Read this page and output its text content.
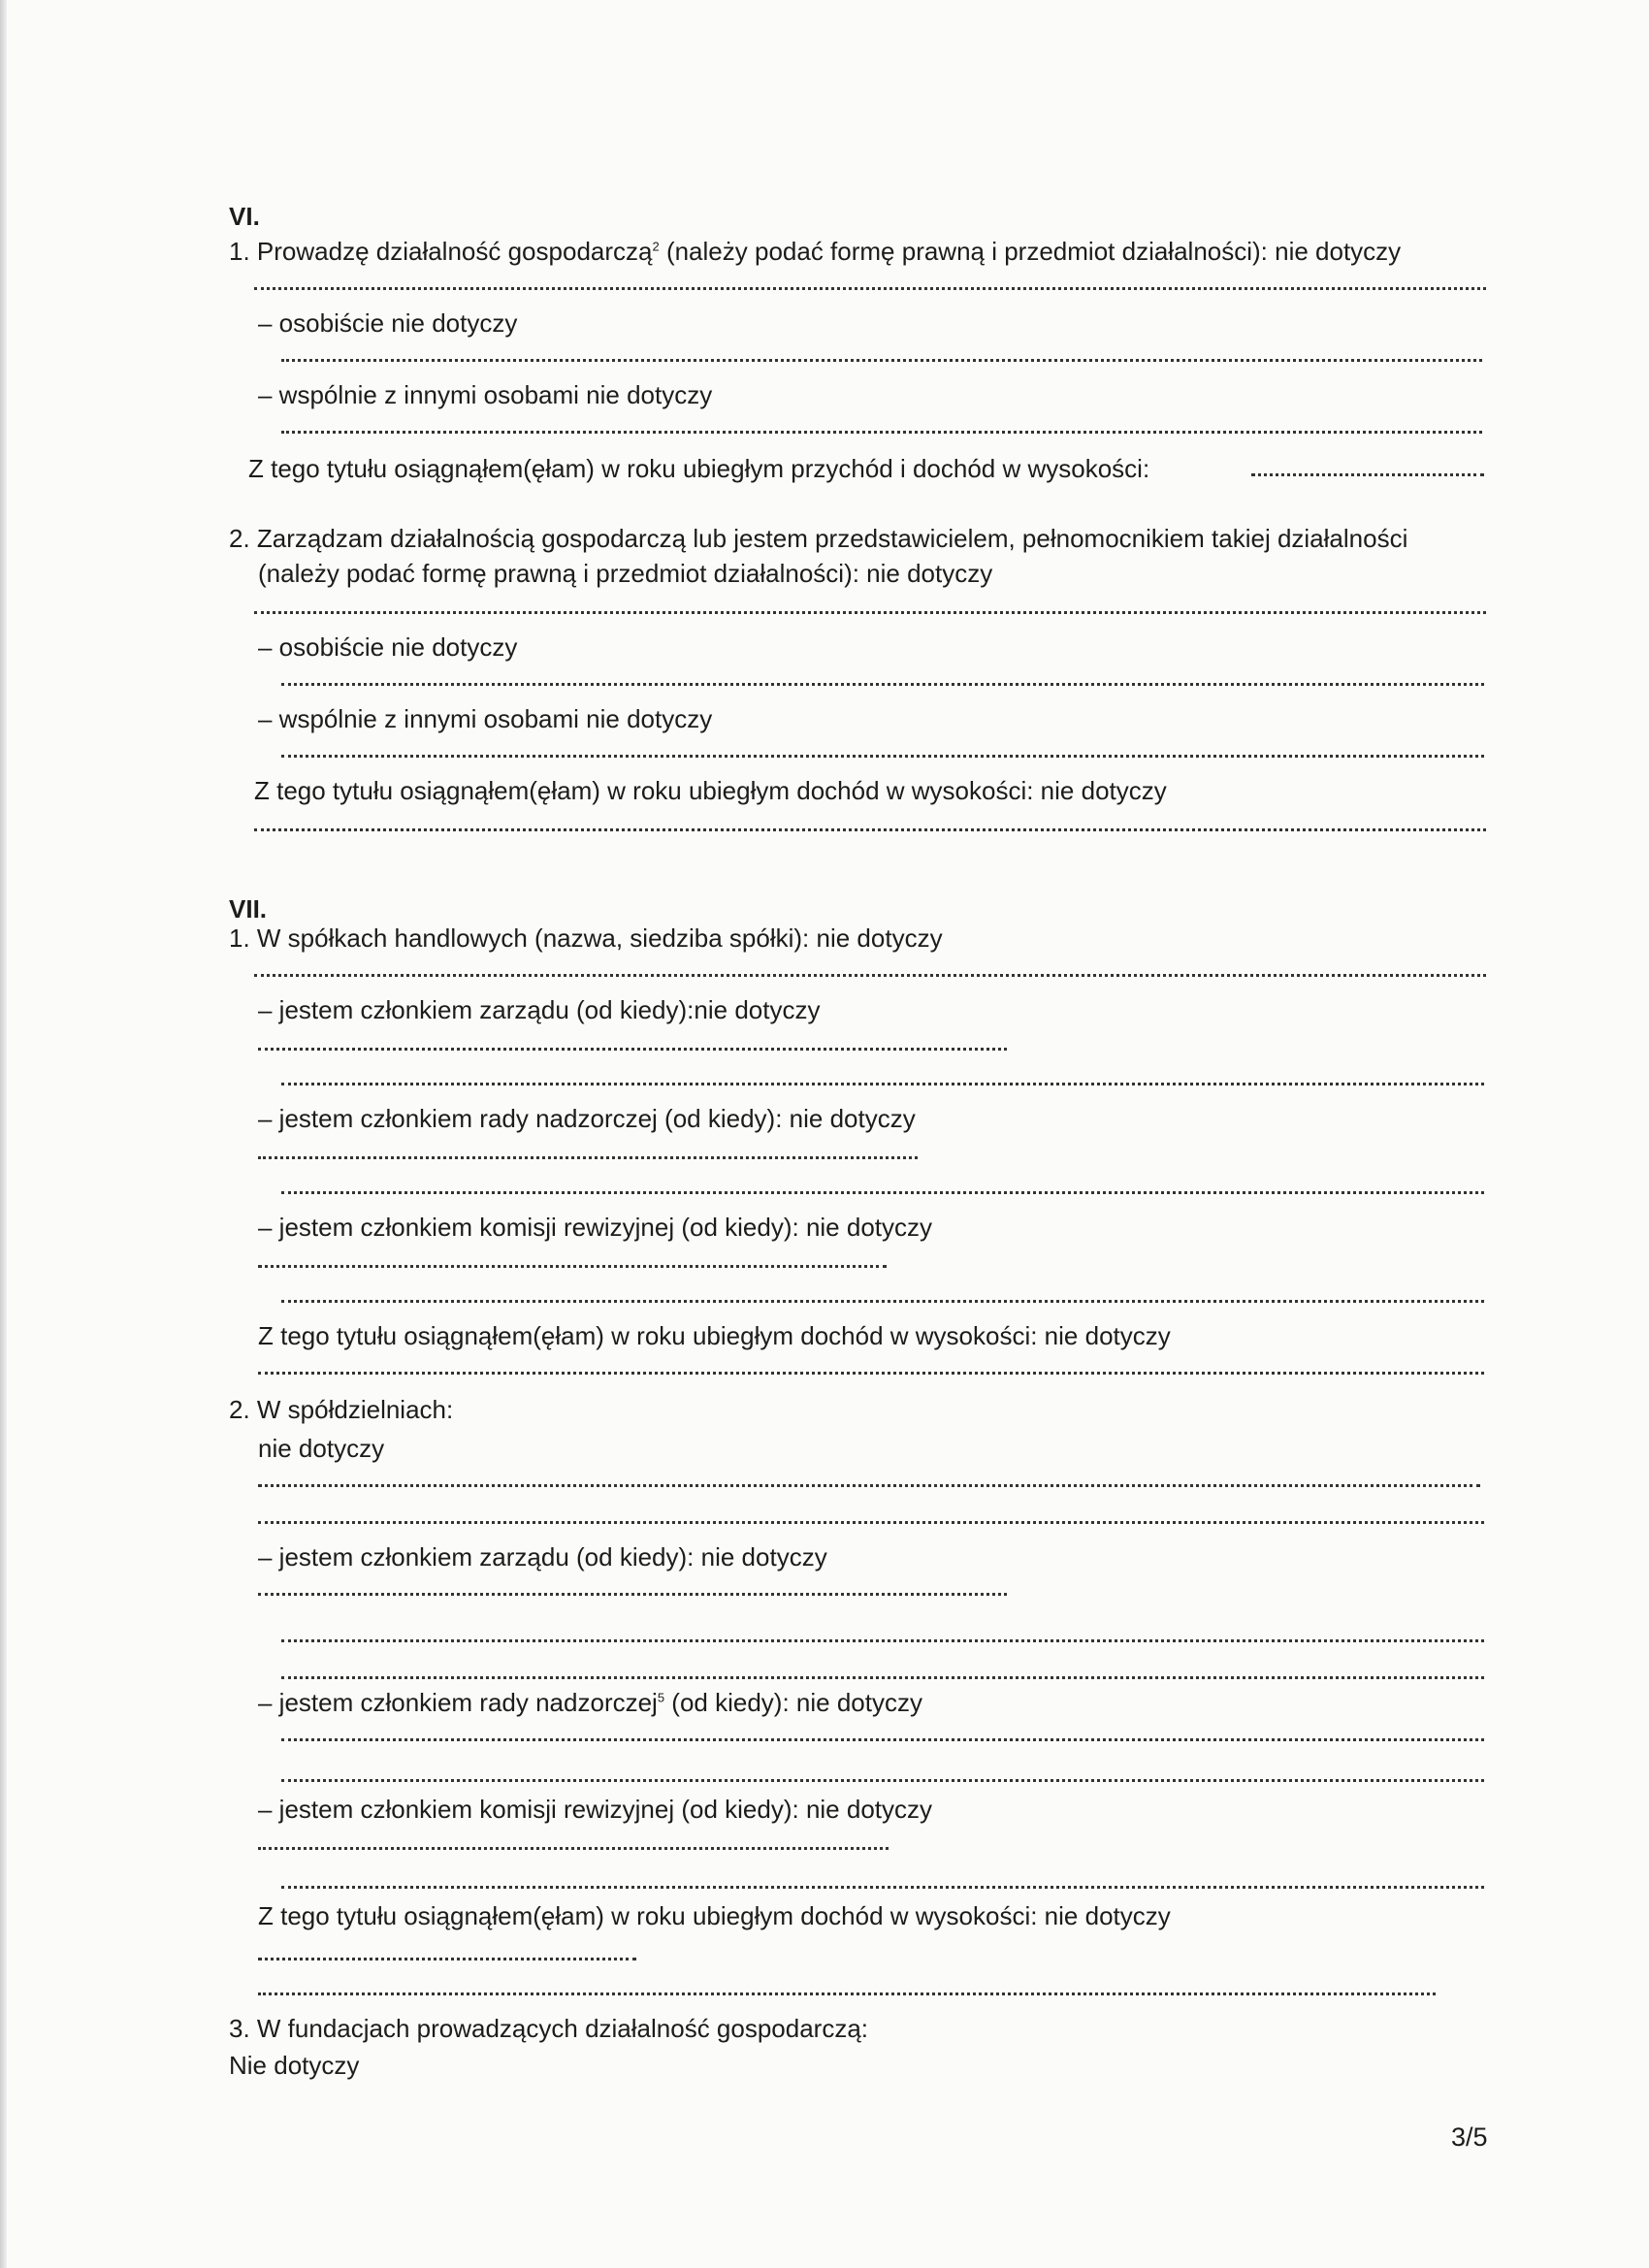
VI.
1. Prowadzę działalność gospodarczą$^2$ (należy podać formę prawną i przedmiot działalności): nie dotyczy
– osobiście nie dotyczy
– wspólnie z innymi osobami nie dotyczy
Z tego tytułu osiągnąłem(ęłam) w roku ubiegłym przychód i dochód w wysokości:
2. Zarządzam działalnością gospodarczą lub jestem przedstawicielem, pełnomocnikiem takiej działalności
(należy podać formę prawną i przedmiot działalności): nie dotyczy
– osobiście nie dotyczy
– wspólnie z innymi osobami nie dotyczy
Z tego tytułu osiągnąłem(ęłam) w roku ubiegłym dochód w wysokości: nie dotyczy
VII.
1. W spółkach handlowych (nazwa, siedziba spółki): nie dotyczy
– jestem członkiem zarządu (od kiedy):nie dotyczy
– jestem członkiem rady nadzorczej (od kiedy): nie dotyczy
– jestem członkiem komisji rewizyjnej (od kiedy): nie dotyczy
Z tego tytułu osiągnąłem(ęłam) w roku ubiegłym dochód w wysokości: nie dotyczy
2. W spółdzielniach:
nie dotyczy
– jestem członkiem zarządu (od kiedy): nie dotyczy
– jestem członkiem rady nadzorczej$^5$ (od kiedy): nie dotyczy
– jestem członkiem komisji rewizyjnej (od kiedy): nie dotyczy
Z tego tytułu osiągnąłem(ęłam) w roku ubiegłym dochód w wysokości: nie dotyczy
3. W fundacjach prowadzących działalność gospodarczą:
Nie dotyczy
3/5
